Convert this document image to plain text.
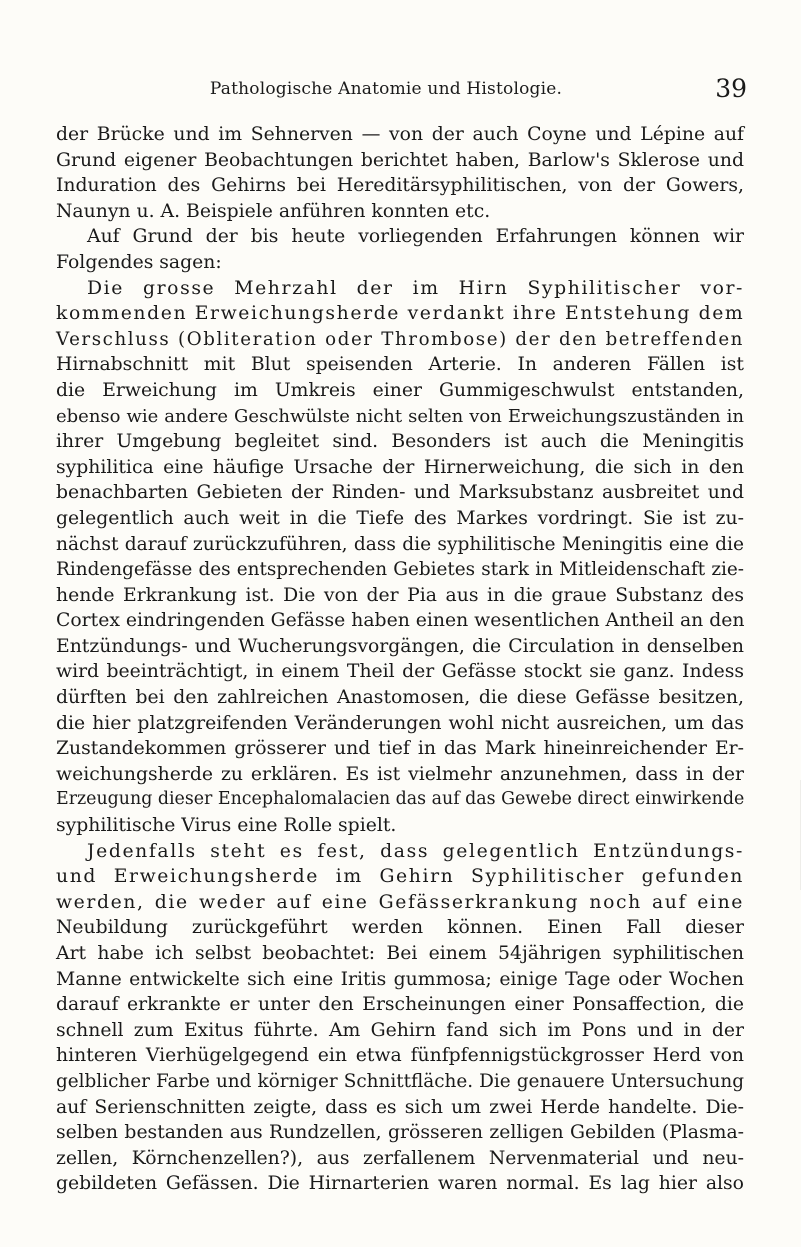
Pathologische Anatomie und Histologie.	39
der Brücke und im Sehnerven — von der auch Coyne und Lépine auf
Grund eigener Beobachtungen berichtet haben, Barlow's Sklerose und
Induration des Gehirns bei Hereditärsyphilitischen, von der Gowers,
Naunyn u. A. Beispiele anführen konnten etc.
Auf Grund der bis heute vorliegenden Erfahrungen können wir
Folgendes sagen:
Die grosse Mehrzahl der im Hirn Syphilitischer vor-
kommenden Erweichungsherde verdankt ihre Entstehung dem
Verschluss (Obliteration oder Thrombose) der den betreffenden
Hirnabschnitt mit Blut speisenden Arterie. In anderen Fällen ist
die Erweichung im Umkreis einer Gummigeschwulst entstanden,
ebenso wie andere Geschwülste nicht selten von Erweichungszuständen in
ihrer Umgebung begleitet sind. Besonders ist auch die Meningitis
syphilitica eine häufige Ursache der Hirnerweichung, die sich in den
benachbarten Gebieten der Rinden- und Marksubstanz ausbreitet und
gelegentlich auch weit in die Tiefe des Markes vordringt. Sie ist zu-
nächst darauf zurückzuführen, dass die syphilitische Meningitis eine die
Rindengefässe des entsprechenden Gebietes stark in Mitleidenschaft zie-
hende Erkrankung ist. Die von der Pia aus in die graue Substanz des
Cortex eindringenden Gefässe haben einen wesentlichen Antheil an den
Entzündungs- und Wucherungsvorgängen, die Circulation in denselben
wird beeinträchtigt, in einem Theil der Gefässe stockt sie ganz. Indess
dürften bei den zahlreichen Anastomosen, die diese Gefässe besitzen,
die hier platzgreifenden Veränderungen wohl nicht ausreichen, um das
Zustandekommen grösserer und tief in das Mark hineinreichender Er-
weichungsherde zu erklären. Es ist vielmehr anzunehmen, dass in der
Erzeugung dieser Encephalomalacien das auf das Gewebe direct einwirkende
syphilitische Virus eine Rolle spielt.
Jedenfalls steht es fest, dass gelegentlich Entzündungs-
und Erweichungsherde im Gehirn Syphilitischer gefunden
werden, die weder auf eine Gefässerkrankung noch auf eine
Neubildung zurückgeführt werden können. Einen Fall dieser
Art habe ich selbst beobachtet: Bei einem 54jährigen syphilitischen
Manne entwickelte sich eine Iritis gummosa; einige Tage oder Wochen
darauf erkrankte er unter den Erscheinungen einer Ponsaffection, die
schnell zum Exitus führte. Am Gehirn fand sich im Pons und in der
hinteren Vierhügelgegend ein etwa fünfpfennigstückgrosser Herd von
gelblicher Farbe und körniger Schnittfläche. Die genauere Untersuchung
auf Serienschnitten zeigte, dass es sich um zwei Herde handelte. Die-
selben bestanden aus Rundzellen, grösseren zelligen Gebilden (Plasma-
zellen, Körnchenzellen?), aus zerfallenem Nervenmaterial und neu-
gebildeten Gefässen. Die Hirnarterien waren normal. Es lag hier also
